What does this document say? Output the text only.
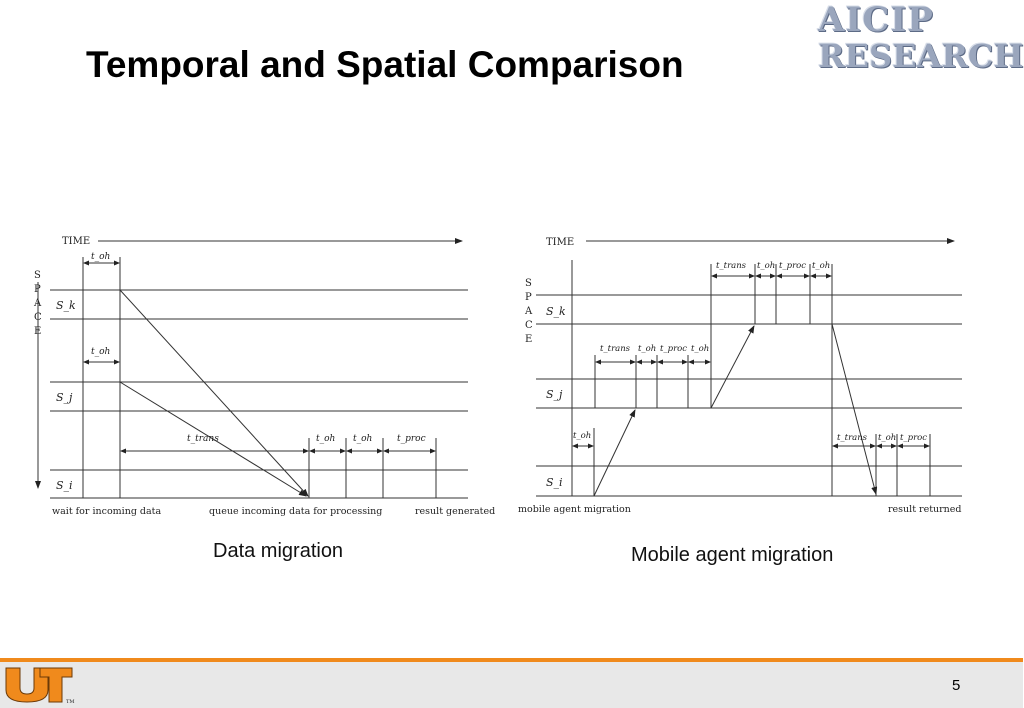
Temporal and Spatial Comparison
AICIP
RESEARCH
TIME
S
P
A
C
E
S_k
S_j
S_i
t_oh
t_oh
t_trans	t_oh t_oh	t_proc
wait for incoming data	queue incoming data for processing	result generated
TIME
S
P
A
C
E
S_k
S_j
S_i
t_oh
t_trans t_oh t_proc t_oh
t_trans t_oh t_proc t_oh
t_trans t_oh t_proc
mobile agent migration	result returned
Data migration	Mobile agent migration
TM
5
